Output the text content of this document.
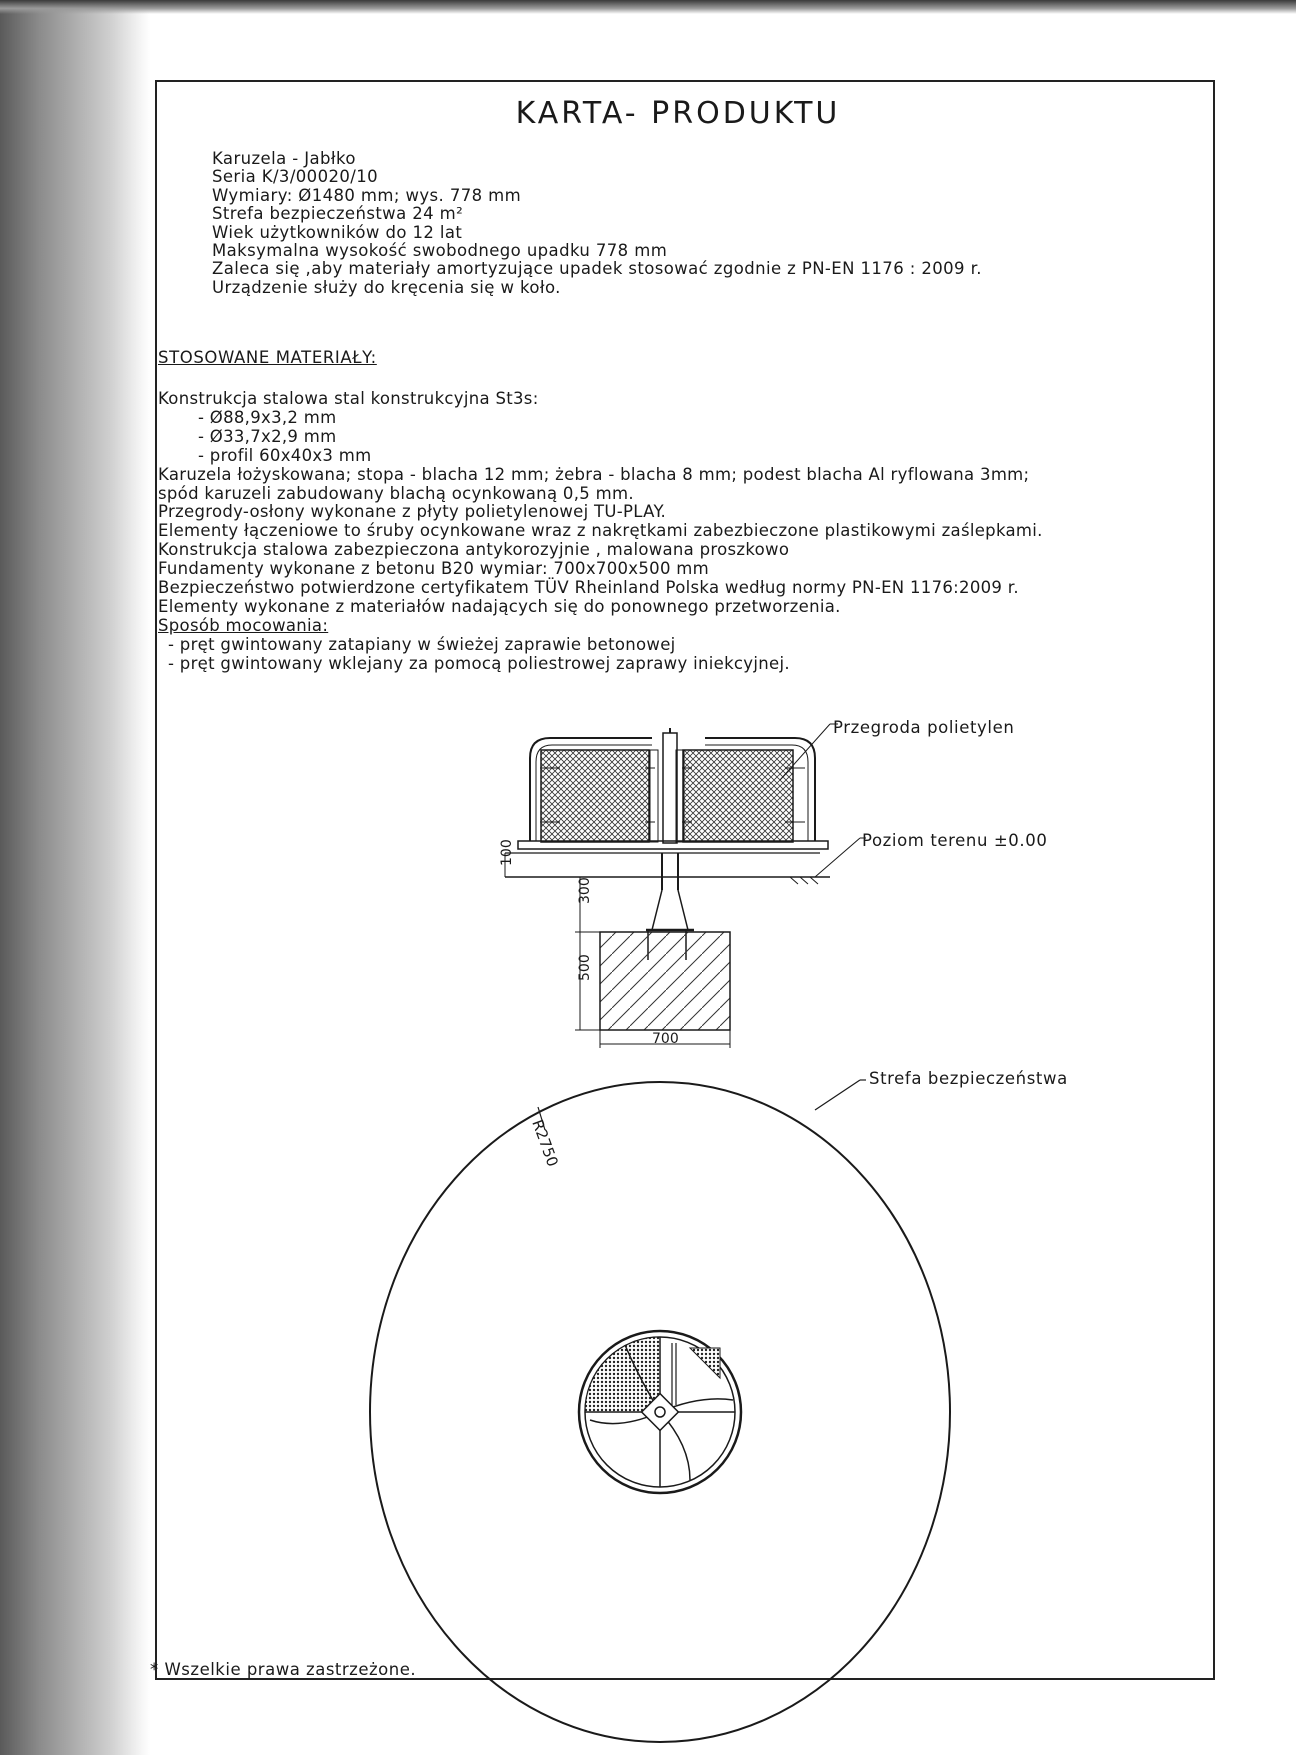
KARTA- PRODUKTU
Karuzela - Jabłko
Seria K/3/00020/10
Wymiary: Ø1480 mm; wys. 778 mm
Strefa bezpieczeństwa 24 m²
Wiek użytkowników do 12 lat
Maksymalna wysokość swobodnego upadku 778 mm
Zaleca się ,aby materiały amortyzujące upadek stosować zgodnie z PN-EN 1176 : 2009 r.
Urządzenie służy do kręcenia się w koło.
STOSOWANE MATERIAŁY:
Konstrukcja stalowa stal konstrukcyjna St3s:
- Ø88,9x3,2 mm
- Ø33,7x2,9 mm
- profil 60x40x3 mm
Karuzela łożyskowana; stopa - blacha 12 mm; żebra - blacha 8 mm; podest blacha Al ryflowana 3mm;
spód karuzeli zabudowany blachą ocynkowaną 0,5 mm.
Przegrody-osłony wykonane z płyty polietylenowej TU-PLAY.
Elementy łączeniowe to śruby ocynkowane wraz z nakrętkami zabezbieczone plastikowymi zaślepkami.
Konstrukcja stalowa zabezpieczona antykorozyjnie , malowana proszkowo
Fundamenty wykonane z betonu B20 wymiar: 700x700x500 mm
Bezpieczeństwo potwierdzone certyfikatem TÜV Rheinland Polska według normy PN-EN 1176:2009 r.
Elementy wykonane z materiałów nadających się do ponownego przetworzenia.
Sposób mocowania:
- pręt gwintowany zatapiany w świeżej zaprawie betonowej
- pręt gwintowany wklejany za pomocą poliestrowej zaprawy iniekcyjnej.
Przegroda polietylen
Poziom terenu ±0.00
100
300
500
700
Strefa bezpieczeństwa
R2750
* Wszelkie prawa zastrzeżone.
